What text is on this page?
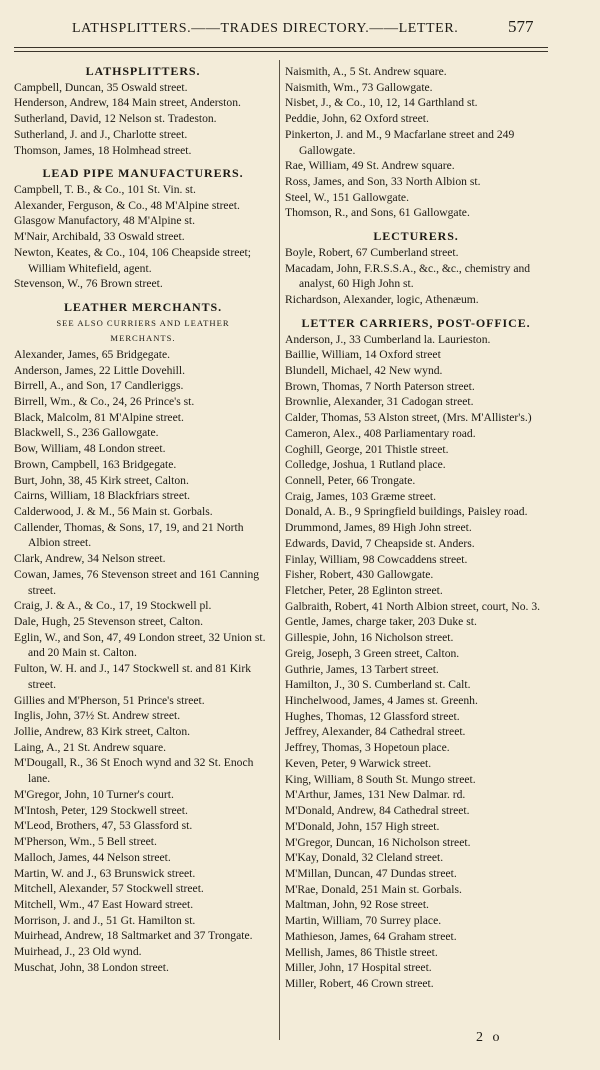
LATHSPLITTERS.——TRADES DIRECTORY.——LETTER.	577
LATHSPLITTERS.
Campbell, Duncan, 35 Oswald street.
Henderson, Andrew, 184 Main street, Anderston.
Sutherland, David, 12 Nelson st. Tradeston.
Sutherland, J. and J., Charlotte street.
Thomson, James, 18 Holmhead street.
LEAD PIPE MANUFACTURERS.
Campbell, T. B., & Co., 101 St. Vin. st.
Alexander, Ferguson, & Co., 48 M'Alpine street.
Glasgow Manufactory, 48 M'Alpine st.
M'Nair, Archibald, 33 Oswald street.
Newton, Keates, & Co., 104, 106 Cheapside street; William Whitefield, agent.
Stevenson, W., 76 Brown street.
LEATHER MERCHANTS.
SEE ALSO CURRIERS AND LEATHER
MERCHANTS.
Alexander, James, 65 Bridgegate.
Anderson, James, 22 Little Dovehill.
Birrell, A., and Son, 17 Candleriggs.
Birrell, Wm., & Co., 24, 26 Prince's st.
Black, Malcolm, 81 M'Alpine street.
Blackwell, S., 236 Gallowgate.
Bow, William, 48 London street.
Brown, Campbell, 163 Bridgegate.
Burt, John, 38, 45 Kirk street, Calton.
Cairns, William, 18 Blackfriars street.
Calderwood, J. & M., 56 Main st. Gorbals.
Callender, Thomas, & Sons, 17, 19, and 21 North Albion street.
Clark, Andrew, 34 Nelson street.
Cowan, James, 76 Stevenson street and 161 Canning street.
Craig, J. & A., & Co., 17, 19 Stockwell pl.
Dale, Hugh, 25 Stevenson street, Calton.
Eglin, W., and Son, 47, 49 London street, 32 Union st. and 20 Main st. Calton.
Fulton, W. H. and J., 147 Stockwell st. and 81 Kirk street.
Gillies and M'Pherson, 51 Prince's street.
Inglis, John, 37½ St. Andrew street.
Jollie, Andrew, 83 Kirk street, Calton.
Laing, A., 21 St. Andrew square.
M'Dougall, R., 36 St Enoch wynd and 32 St. Enoch lane.
M'Gregor, John, 10 Turner's court.
M'Intosh, Peter, 129 Stockwell street.
M'Leod, Brothers, 47, 53 Glassford st.
M'Pherson, Wm., 5 Bell street.
Malloch, James, 44 Nelson street.
Martin, W. and J., 63 Brunswick street.
Mitchell, Alexander, 57 Stockwell street.
Mitchell, Wm., 47 East Howard street.
Morrison, J. and J., 51 Gt. Hamilton st.
Muirhead, Andrew, 18 Saltmarket and 37 Trongate.
Muirhead, J., 23 Old wynd.
Muschat, John, 38 London street.
Naismith, A., 5 St. Andrew square.
Naismith, Wm., 73 Gallowgate.
Nisbet, J., & Co., 10, 12, 14 Garthland st.
Peddie, John, 62 Oxford street.
Pinkerton, J. and M., 9 Macfarlane street and 249 Gallowgate.
Rae, William, 49 St. Andrew square.
Ross, James, and Son, 33 North Albion st.
Steel, W., 151 Gallowgate.
Thomson, R., and Sons, 61 Gallowgate.
LECTURERS.
Boyle, Robert, 67 Cumberland street.
Macadam, John, F.R.S.S.A., &c., &c., chemistry and analyst, 60 High John st.
Richardson, Alexander, logic, Athenæum.
LETTER CARRIERS, POST-OFFICE.
Anderson, J., 33 Cumberland la. Laurieston.
Baillie, William, 14 Oxford street
Blundell, Michael, 42 New wynd.
Brown, Thomas, 7 North Paterson street.
Brownlie, Alexander, 31 Cadogan street.
Calder, Thomas, 53 Alston street, (Mrs. M'Allister's.)
Cameron, Alex., 408 Parliamentary road.
Coghill, George, 201 Thistle street.
Colledge, Joshua, 1 Rutland place.
Connell, Peter, 66 Trongate.
Craig, James, 103 Græme street.
Donald, A. B., 9 Springfield buildings, Paisley road.
Drummond, James, 89 High John street.
Edwards, David, 7 Cheapside st. Anders.
Finlay, William, 98 Cowcaddens street.
Fisher, Robert, 430 Gallowgate.
Fletcher, Peter, 28 Eglinton street.
Galbraith, Robert, 41 North Albion street, court, No. 3.
Gentle, James, charge taker, 203 Duke st.
Gillespie, John, 16 Nicholson street.
Greig, Joseph, 3 Green street, Calton.
Guthrie, James, 13 Tarbert street.
Hamilton, J., 30 S. Cumberland st. Calt.
Hinchelwood, James, 4 James st. Greenh.
Hughes, Thomas, 12 Glassford street.
Jeffrey, Alexander, 84 Cathedral street.
Jeffrey, Thomas, 3 Hopetoun place.
Keven, Peter, 9 Warwick street.
King, William, 8 South St. Mungo street.
M'Arthur, James, 131 New Dalmar. rd.
M'Donald, Andrew, 84 Cathedral street.
M'Donald, John, 157 High street.
M'Gregor, Duncan, 16 Nicholson street.
M'Kay, Donald, 32 Cleland street.
M'Millan, Duncan, 47 Dundas street.
M'Rae, Donald, 251 Main st. Gorbals.
Maltman, John, 92 Rose street.
Martin, William, 70 Surrey place.
Mathieson, James, 64 Graham street.
Mellish, James, 86 Thistle street.
Miller, John, 17 Hospital street.
Miller, Robert, 46 Crown street.
2 o
